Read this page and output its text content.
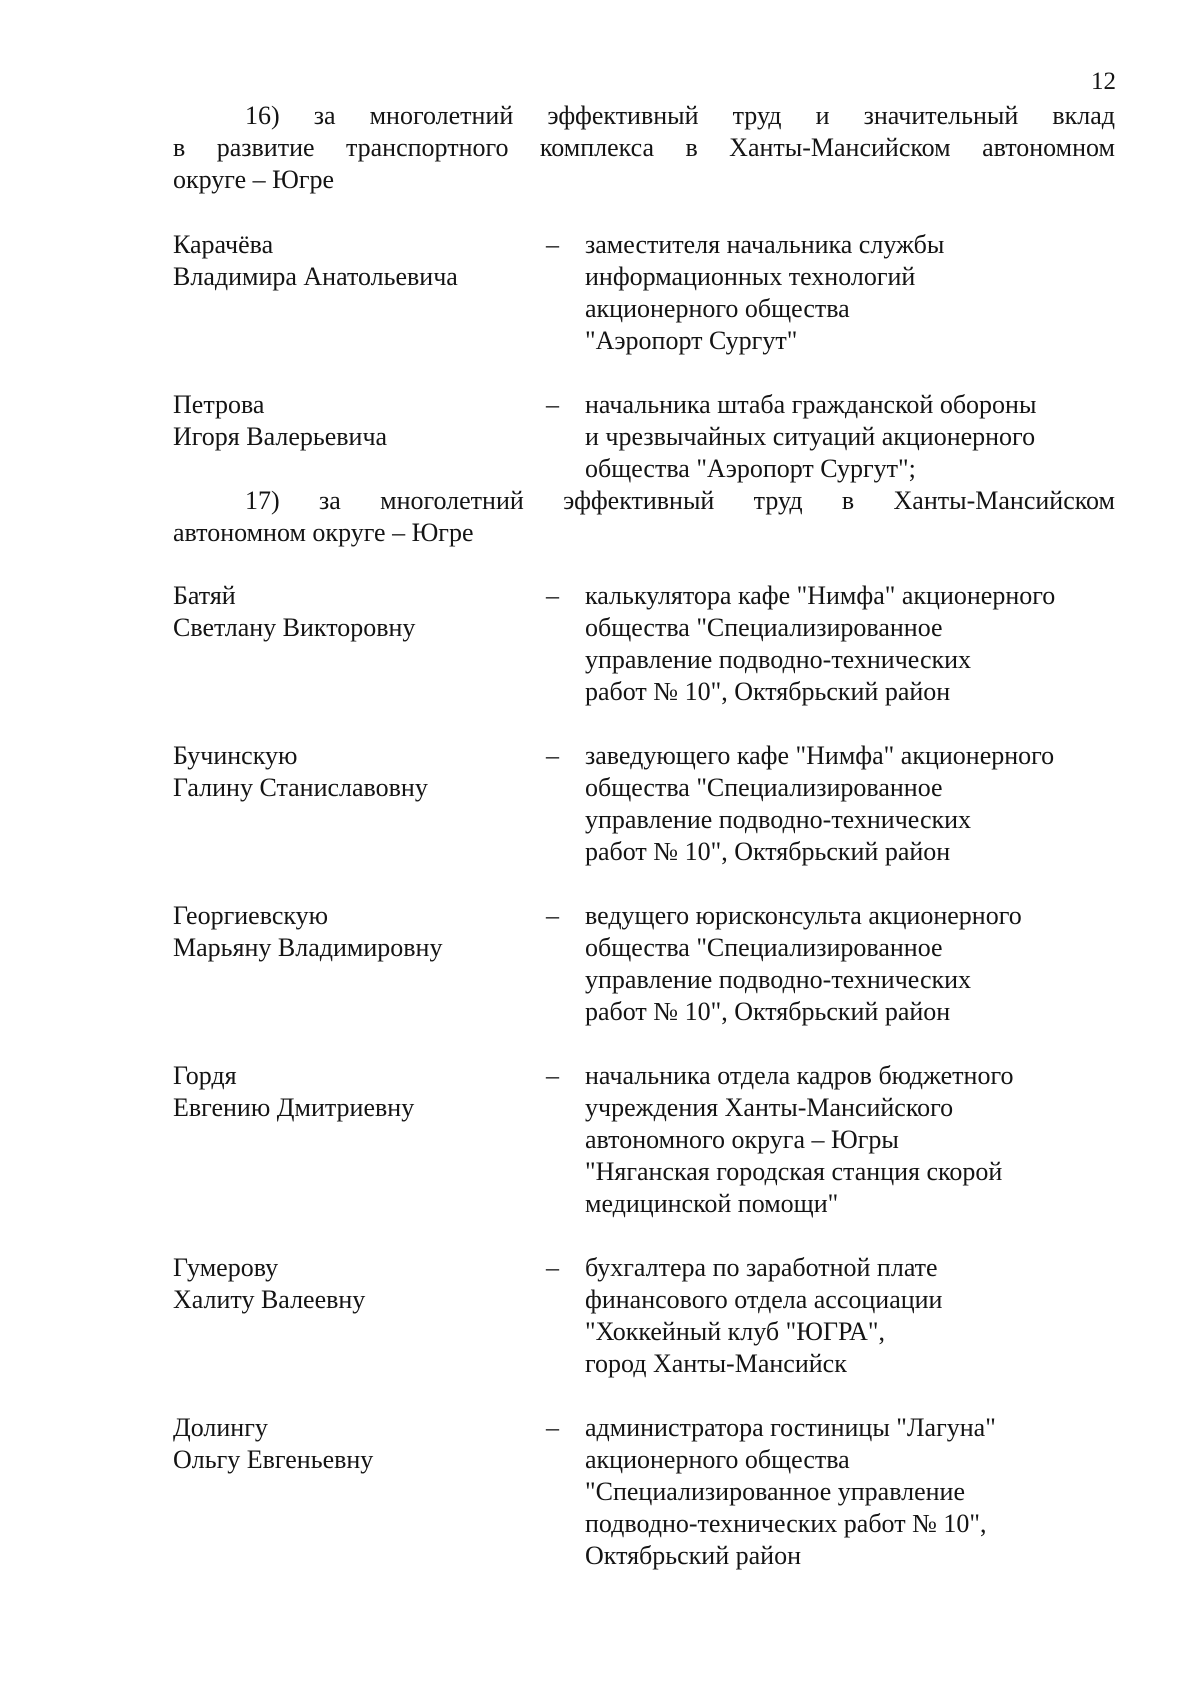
12
16) за многолетний эффективный труд и значительный вклад
в развитие транспортного комплекса в Ханты-Мансийском автономном
округе – Югре
Карачёва
Владимира Анатольевича
– заместителя начальника службы
информационных технологий
акционерного общества
"Аэропорт Сургут"
Петрова
Игоря Валерьевича
– начальника штаба гражданской обороны
и чрезвычайных ситуаций акционерного
общества "Аэропорт Сургут";
17) за многолетний эффективный труд в Ханты-Мансийском
автономном округе – Югре
Батяй
Светлану Викторовну
– калькулятора кафе "Нимфа" акционерного
общества "Специализированное
управление подводно-технических
работ № 10", Октябрьский район
Бучинскую
Галину Станиславовну
– заведующего кафе "Нимфа" акционерного
общества "Специализированное
управление подводно-технических
работ № 10", Октябрьский район
Георгиевскую
Марьяну Владимировну
– ведущего юрисконсульта акционерного
общества "Специализированное
управление подводно-технических
работ № 10", Октябрьский район
Гордя
Евгению Дмитриевну
– начальника отдела кадров бюджетного
учреждения Ханты-Мансийского
автономного округа – Югры
"Няганская городская станция скорой
медицинской помощи"
Гумерову
Халиту Валеевну
– бухгалтера по заработной плате
финансового отдела ассоциации
"Хоккейный клуб "ЮГРА",
город Ханты-Мансийск
Долингу
Ольгу Евгеньевну
– администратора гостиницы "Лагуна"
акционерного общества
"Специализированное управление
подводно-технических работ № 10",
Октябрьский район
